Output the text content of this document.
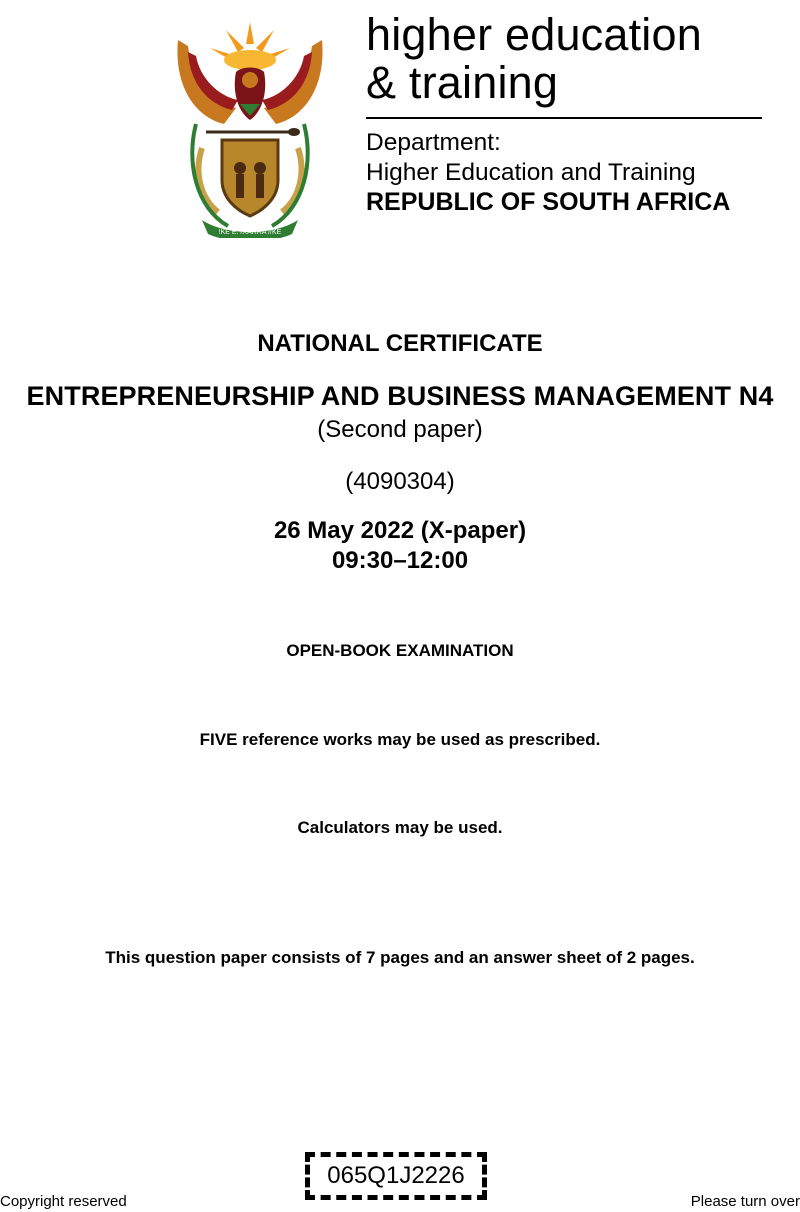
!KE E: /XARRA //KE
higher education
& training
Department:
Higher Education and Training
REPUBLIC OF SOUTH AFRICA
NATIONAL CERTIFICATE
ENTREPRENEURSHIP AND BUSINESS MANAGEMENT N4
(Second paper)
(4090304)
26 May 2022 (X-paper)
09:30–12:00
OPEN-BOOK EXAMINATION
FIVE reference works may be used as prescribed.
Calculators may be used.
This question paper consists of 7 pages and an answer sheet of 2 pages.
065Q1J2226
Copyright reserved	Please turn over
